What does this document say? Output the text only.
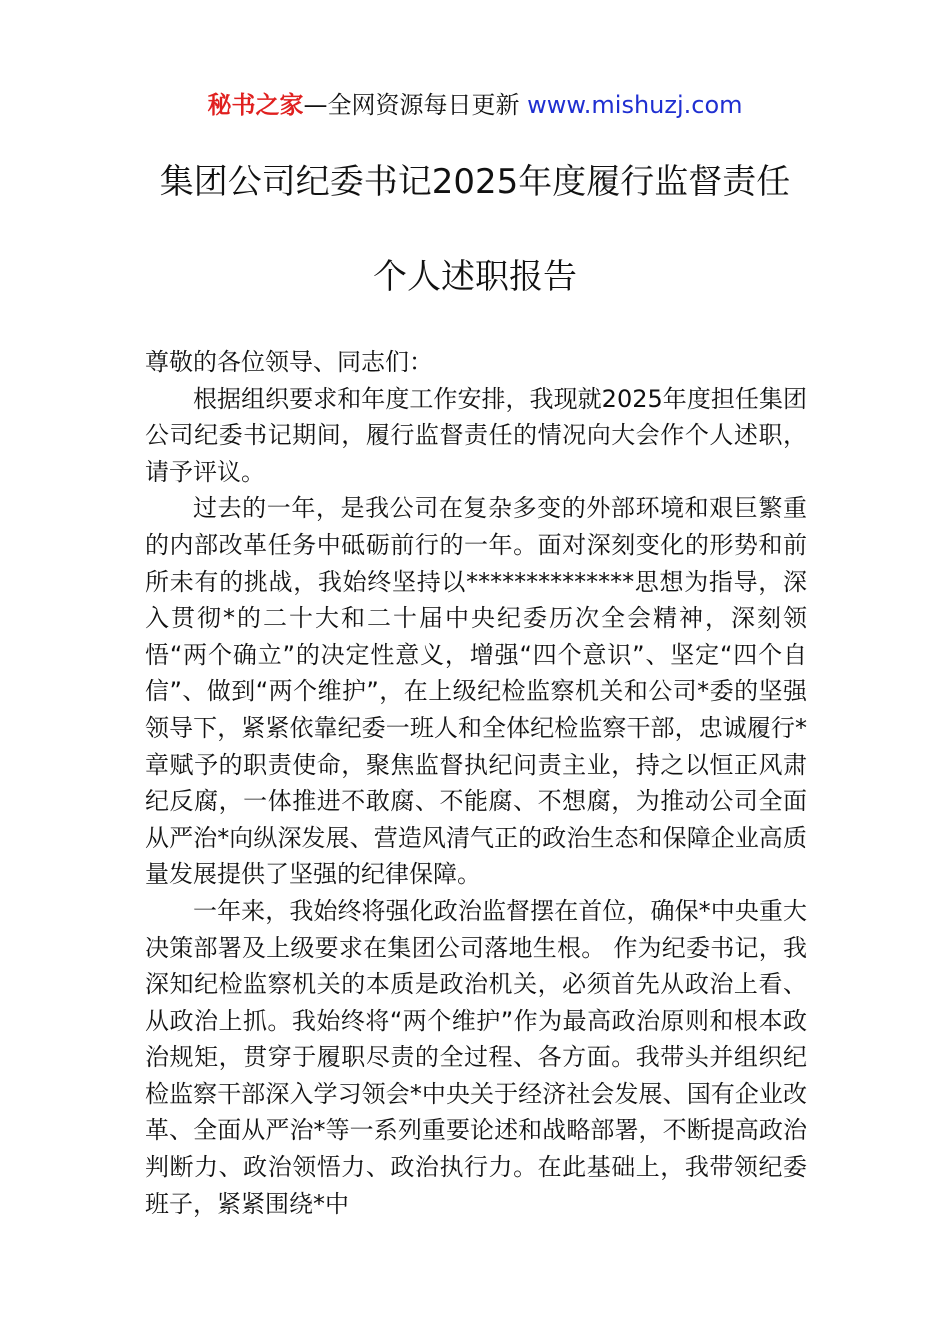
秘书之家—全网资源每日更新 www.mishuzj.com
集团公司纪委书记2025年度履行监督责任
个人述职报告

尊敬的各位领导、同志们：

根据组织要求和年度工作安排，我现就2025年度担任集团公司纪委书记期间，履行监督责任的情况向大会作个人述职，请予评议。

过去的一年，是我公司在复杂多变的外部环境和艰巨繁重的内部改革任务中砥砺前行的一年。面对深刻变化的形势和前所未有的挑战，我始终坚持以**************思想为指导，深入贯彻*的二十大和二十届中央纪委历次全会精神，深刻领悟“两个确立”的决定性意义，增强“四个意识”、坚定“四个自信”、做到“两个维护”，在上级纪检监察机关和公司*委的坚强领导下，紧紧依靠纪委一班人和全体纪检监察干部，忠诚履行*章赋予的职责使命，聚焦监督执纪问责主业，持之以恒正风肃纪反腐，一体推进不敢腐、不能腐、不想腐，为推动公司全面从严治*向纵深发展、营造风清气正的政治生态和保障企业高质量发展提供了坚强的纪律保障。

一年来，我始终将强化政治监督摆在首位，确保*中央重大决策部署及上级要求在集团公司落地生根。 作为纪委书记，我深知纪检监察机关的本质是政治机关，必须首先从政治上看、从政治上抓。我始终将“两个维护”作为最高政治原则和根本政治规矩，贯穿于履职尽责的全过程、各方面。我带头并组织纪检监察干部深入学习领会*中央关于经济社会发展、国有企业改革、全面从严治*等一系列重要论述和战略部署，不断提高政治判断力、政治领悟力、政治执行力。在此基础上，我带领纪委班子，紧紧围绕*中
